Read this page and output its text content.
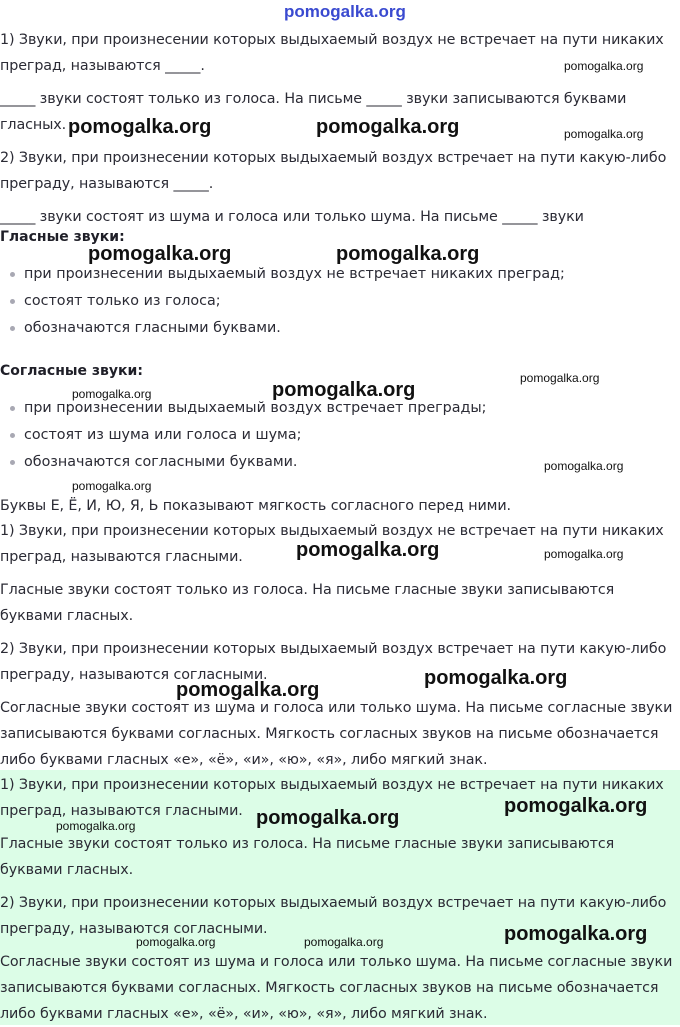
pomogalka.org

1) Звуки, при произнесении которых выдыхаемый воздух не встречает на пути никаких

преград, называются _____.

_____ звуки состоят только из голоса. На письме _____ звуки записываются буквами

гласных.

2) Звуки, при произнесении которых выдыхаемый воздух встречает на пути какую-либо

преграду, называются _____.

_____ звуки состоят из шума и голоса или только шума. На письме _____ звуки

Гласные звуки:
при произнесении выдыхаемый воздух не встречает никаких преград;
состоят только из голоса;
обозначаются гласными буквами.
Согласные звуки:
при произнесении выдыхаемый воздух встречает преграды;
состоят из шума или голоса и шума;
обозначаются согласными буквами.

Буквы Е, Ё, И, Ю, Я, Ь показывают мягкость согласного перед ними.

1) Звуки, при произнесении которых выдыхаемый воздух не встречает на пути никаких

преград, называются гласными.

Гласные звуки состоят только из голоса. На письме гласные звуки записываются

буквами гласных.

2) Звуки, при произнесении которых выдыхаемый воздух встречает на пути какую-либо

преграду, называются согласными.

Согласные звуки состоят из шума и голоса или только шума. На письме согласные звуки

записываются буквами согласных. Мягкость согласных звуков на письме обозначается

либо буквами гласных «е», «ё», «и», «ю», «я», либо мягкий знак.

1) Звуки, при произнесении которых выдыхаемый воздух не встречает на пути никаких

преград, называются гласными.

Гласные звуки состоят только из голоса. На письме гласные звуки записываются

буквами гласных.

2) Звуки, при произнесении которых выдыхаемый воздух встречает на пути какую-либо

преграду, называются согласными.

Согласные звуки состоят из шума и голоса или только шума. На письме согласные звуки

записываются буквами согласных. Мягкость согласных звуков на письме обозначается

либо буквами гласных «е», «ё», «и», «ю», «я», либо мягкий знак.

pomogalka.org
pomogalka.org	pomogalka.org	pomogalka.org
pomogalka.org	pomogalka.org
pomogalka.org
pomogalka.org
pomogalka.org
pomogalka.org
pomogalka.org
pomogalka.org	pomogalka.org
pomogalka.org
pomogalka.org
pomogalka.org
pomogalka.org
pomogalka.org
pomogalka.org
pomogalka.org	pomogalka.org
